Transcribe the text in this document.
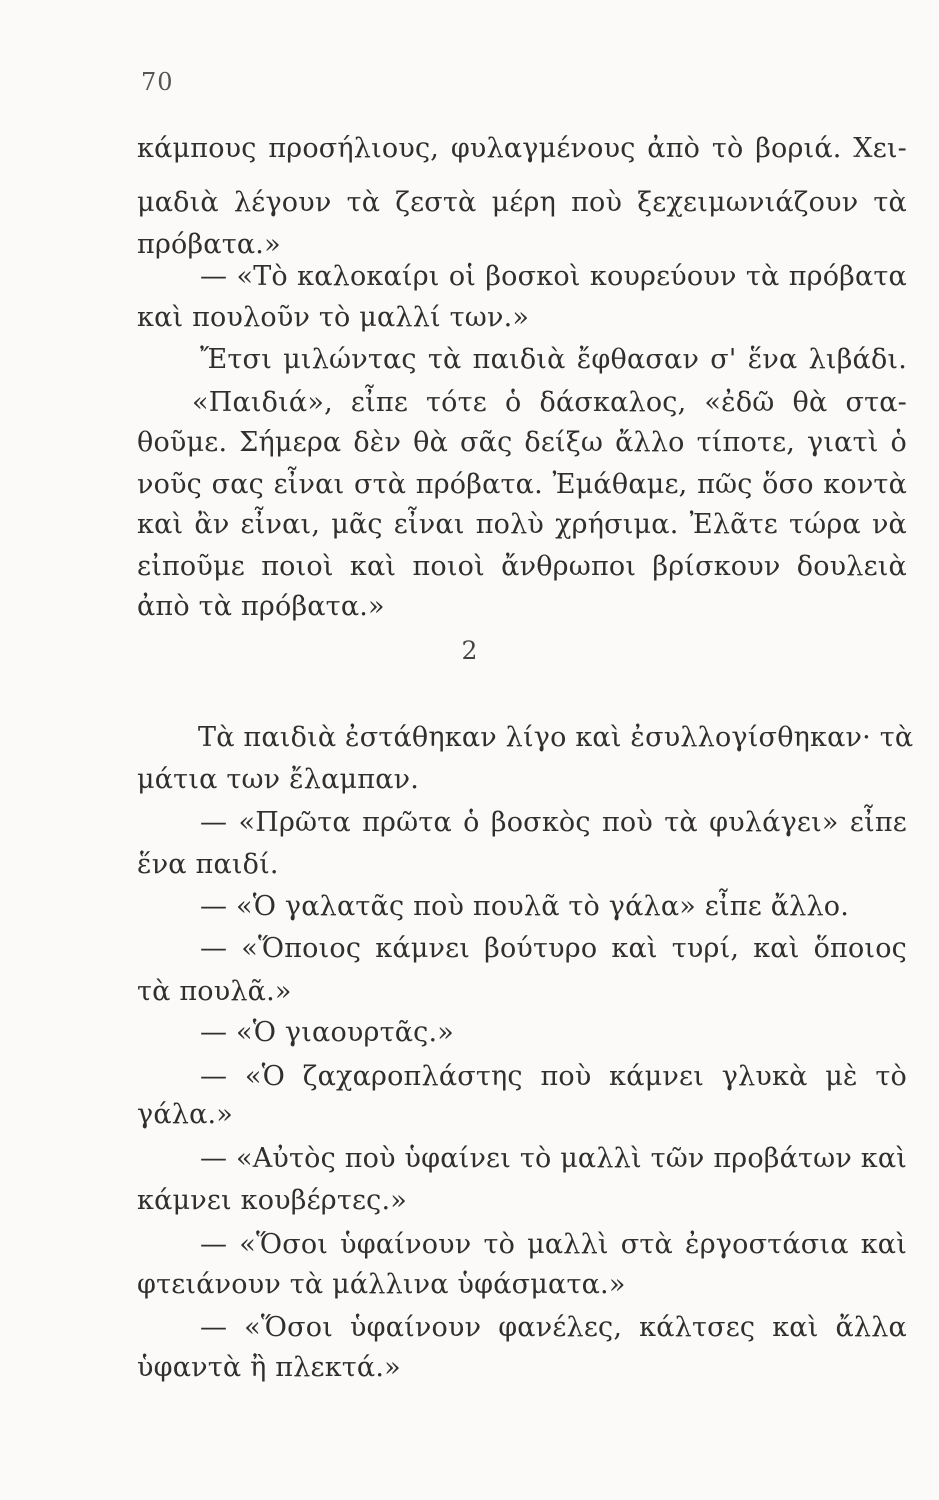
70
κάμπους προσήλιους, φυλαγμένους ἀπὸ τὸ βοριά. Χει-
μαδιὰ λέγουν τὰ ζεστὰ μέρη ποὺ ξεχειμωνιάζουν τὰ
πρόβατα.»
— «Τὸ καλοκαίρι οἱ βοσκοὶ κουρεύουν τὰ πρόβατα
καὶ πουλοῦν τὸ μαλλί των.»
Ἔτσι μιλώντας τὰ παιδιὰ ἔφθασαν σ' ἕνα λιβάδι.
«Παιδιά», εἶπε τότε ὁ δάσκαλος, «ἐδῶ θὰ στα-
θοῦμε. Σήμερα δὲν θὰ σᾶς δείξω ἄλλο τίποτε, γιατὶ ὁ
νοῦς σας εἶναι στὰ πρόβατα. Ἐμάθαμε, πῶς ὅσο κοντὰ
καὶ ἂν εἶναι, μᾶς εἶναι πολὺ χρήσιμα. Ἐλᾶτε τώρα νὰ
εἰποῦμε ποιοὶ καὶ ποιοὶ ἄνθρωποι βρίσκουν δουλειὰ
ἀπὸ τὰ πρόβατα.»
2
Τὰ παιδιὰ ἐστάθηκαν λίγο καὶ ἐσυλλογίσθηκαν· τὰ
μάτια των ἔλαμπαν.
— «Πρῶτα πρῶτα ὁ βοσκὸς ποὺ τὰ φυλάγει» εἶπε
ἕνα παιδί.
— «Ὁ γαλατᾶς ποὺ πουλᾶ τὸ γάλα» εἶπε ἄλλο.
— «Ὅποιος κάμνει βούτυρο καὶ τυρί, καὶ ὅποιος
τὰ πουλᾶ.»
— «Ὁ γιαουρτᾶς.»
— «Ὁ ζαχαροπλάστης ποὺ κάμνει γλυκὰ μὲ τὸ
γάλα.»
— «Αὐτὸς ποὺ ὑφαίνει τὸ μαλλὶ τῶν προβάτων καὶ
κάμνει κουβέρτες.»
— «Ὅσοι ὑφαίνουν τὸ μαλλὶ στὰ ἐργοστάσια καὶ
φτειάνουν τὰ μάλλινα ὑφάσματα.»
— «Ὅσοι ὑφαίνουν φανέλες, κάλτσες καὶ ἄλλα
ὑφαντὰ ἢ πλεκτά.»
